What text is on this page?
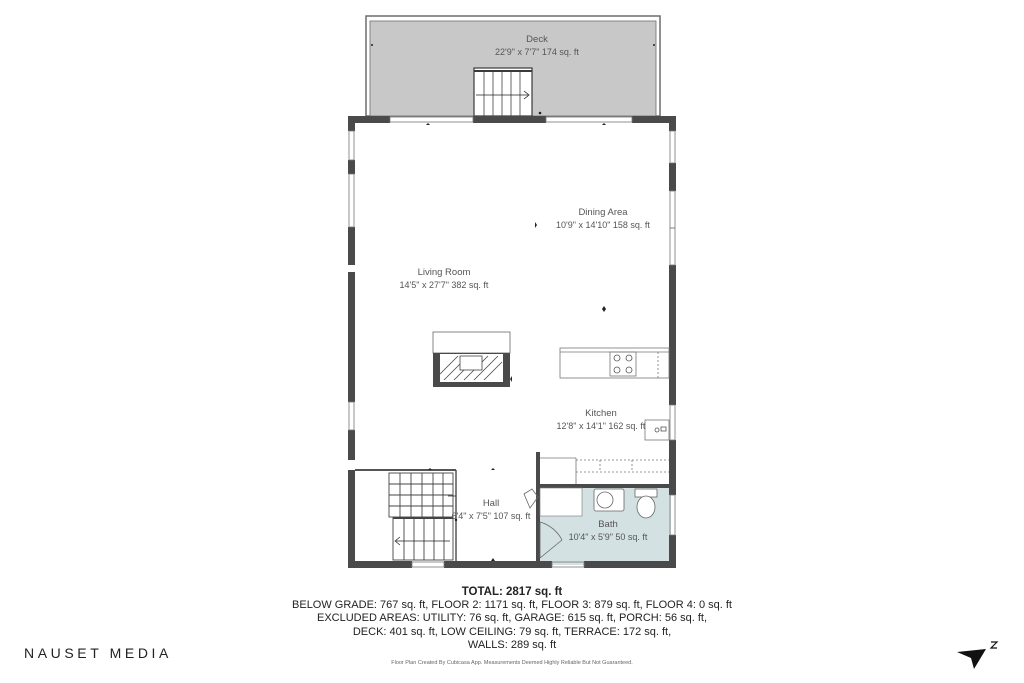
Deck
22'9" x 7'7" 174 sq. ft
Dining Area
10'9" x 14'10" 158 sq. ft
Living Room
14'5" x 27'7" 382 sq. ft
Kitchen
12'8" x 14'1" 162 sq. ft
Hall
6'4" x 7'5" 107 sq. ft
Bath
10'4" x 5'9" 50 sq. ft
TOTAL: 2817 sq. ft
BELOW GRADE: 767 sq. ft, FLOOR 2: 1171 sq. ft, FLOOR 3: 879 sq. ft, FLOOR 4: 0 sq. ft
EXCLUDED AREAS: UTILITY: 76 sq. ft, GARAGE: 615 sq. ft, PORCH: 56 sq. ft,
DECK: 401 sq. ft, LOW CEILING: 79 sq. ft, TERRACE: 172 sq. ft,
WALLS: 289 sq. ft
Floor Plan Created By Cubicasa App. Measurements Deemed Highly Reliable But Not Guaranteed.
NAUSET MEDIA
